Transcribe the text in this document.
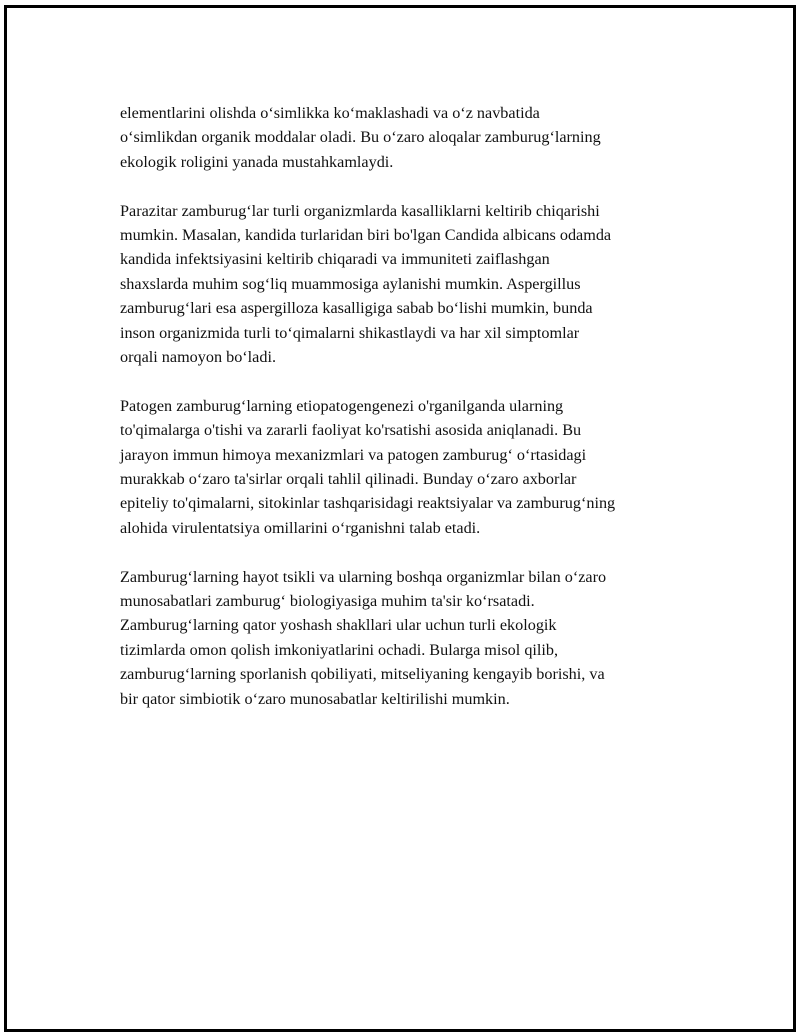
elementlarini olishda o‘simlikka ko‘maklashadi va o‘z navbatida
o‘simlikdan organik moddalar oladi. Bu o‘zaro aloqalar zamburug‘larning
ekologik roligini yanada mustahkamlaydi.

Parazitar zamburug‘lar turli organizmlarda kasalliklarni keltirib chiqarishi
mumkin. Masalan, kandida turlaridan biri bo'lgan Candida albicans odamda
kandida infektsiyasini keltirib chiqaradi va immuniteti zaiflashgan
shaxslarda muhim sog‘liq muammosiga aylanishi mumkin. Aspergillus
zamburug‘lari esa aspergilloza kasalligiga sabab bo‘lishi mumkin, bunda
inson organizmida turli to‘qimalarni shikastlaydi va har xil simptomlar
orqali namoyon bo‘ladi.

Patogen zamburug‘larning etiopatogengenezi o'rganilganda ularning
to'qimalarga o'tishi va zararli faoliyat ko'rsatishi asosida aniqlanadi. Bu
jarayon immun himoya mexanizmlari va patogen zamburug‘ o‘rtasidagi
murakkab o‘zaro ta'sirlar orqali tahlil qilinadi. Bunday o‘zaro axborlar
epiteliy to'qimalarni, sitokinlar tashqarisidagi reaktsiyalar va zamburug‘ning
alohida virulentatsiya omillarini o‘rganishni talab etadi.

Zamburug‘larning hayot tsikli va ularning boshqa organizmlar bilan o‘zaro
munosabatlari zamburug‘ biologiyasiga muhim ta'sir ko‘rsatadi.
Zamburug‘larning qator yoshash shakllari ular uchun turli ekologik
tizimlarda omon qolish imkoniyatlarini ochadi. Bularga misol qilib,
zamburug‘larning sporlanish qobiliyati, mitseliyaning kengayib borishi, va
bir qator simbiotik o‘zaro munosabatlar keltirilishi mumkin.
